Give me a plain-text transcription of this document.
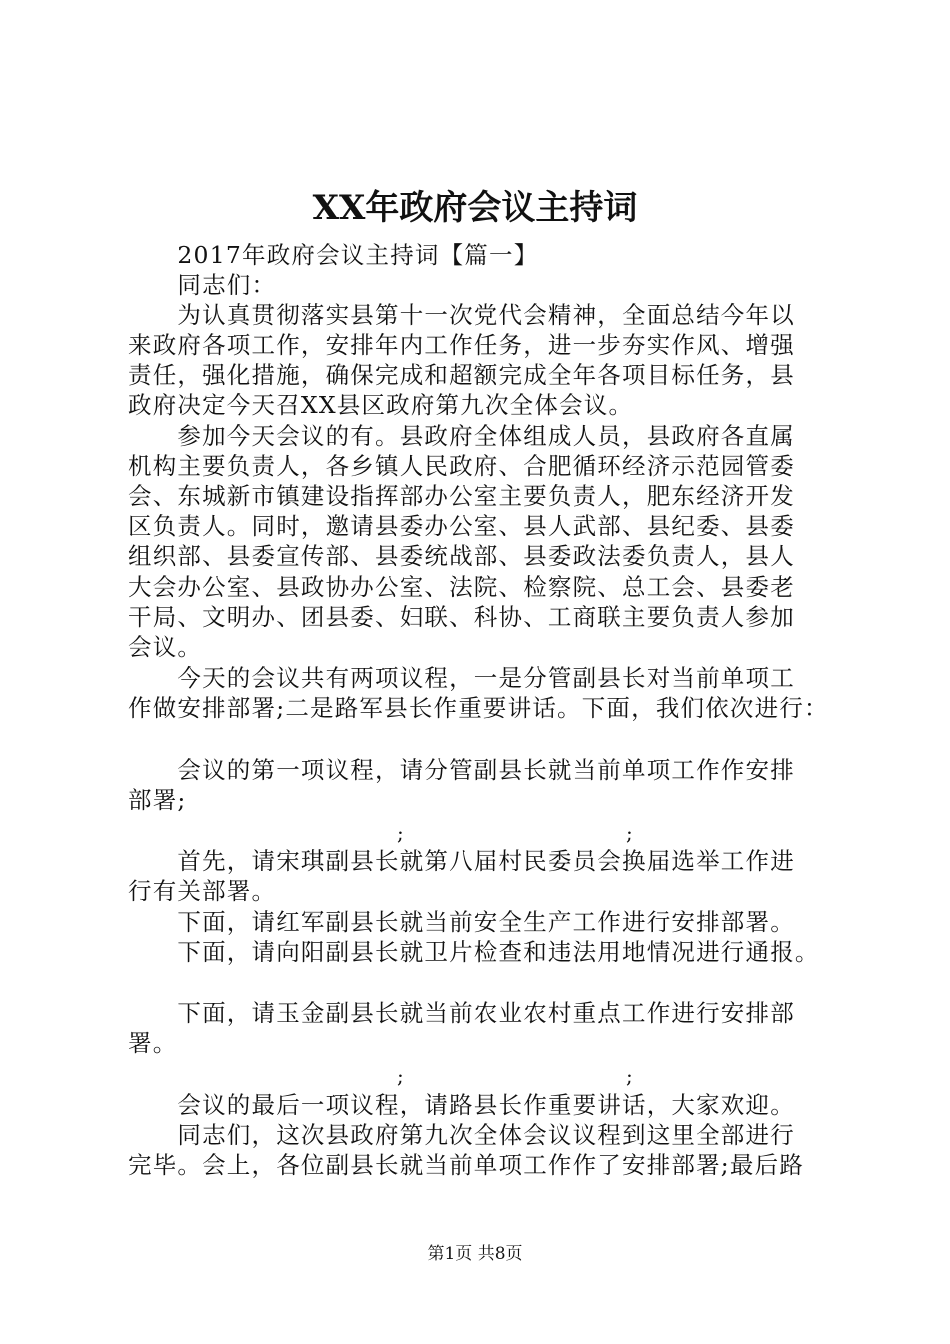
XX年政府会议主持词

　　2017年政府会议主持词【篇一】

　　同志们：

　　为认真贯彻落实县第十一次党代会精神，全面总结今年以

来政府各项工作，安排年内工作任务，进一步夯实作风、增强

责任，强化措施，确保完成和超额完成全年各项目标任务，县

政府决定今天召XX县区政府第九次全体会议。

　　参加今天会议的有。县政府全体组成人员，县政府各直属

机构主要负责人，各乡镇人民政府、合肥循环经济示范园管委

会、东城新市镇建设指挥部办公室主要负责人，肥东经济开发

区负责人。同时，邀请县委办公室、县人武部、县纪委、县委

组织部、县委宣传部、县委统战部、县委政法委负责人，县人

大会办公室、县政协办公室、法院、检察院、总工会、县委老

干局、文明办、团县委、妇联、科协、工商联主要负责人参加

会议。

　　今天的会议共有两项议程，一是分管副县长对当前单项工

作做安排部署;二是路军县长作重要讲话。下面，我们依次进行：

　　会议的第一项议程，请分管副县长就当前单项工作作安排

部署;

;	;

　　首先，请宋琪副县长就第八届村民委员会换届选举工作进

行有关部署。

　　下面，请红军副县长就当前安全生产工作进行安排部署。

　　下面，请向阳副县长就卫片检查和违法用地情况进行通报。

　　下面，请玉金副县长就当前农业农村重点工作进行安排部

署。

;	;

　　会议的最后一项议程，请路县长作重要讲话，大家欢迎。

　　同志们，这次县政府第九次全体会议议程到这里全部进行

完毕。会上，各位副县长就当前单项工作作了安排部署;最后路

第1页 共8页
